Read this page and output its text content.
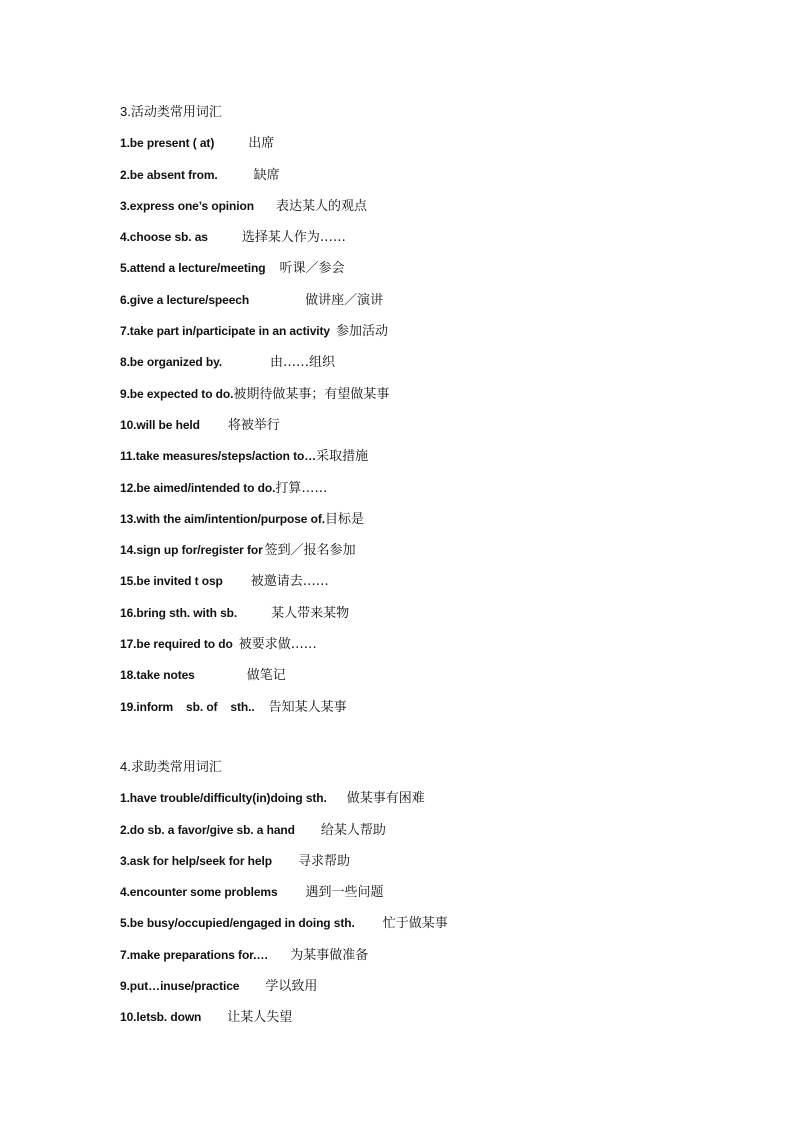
3.活动类常用词汇
1.be present ( at)	出席
2.be absent from.	缺席
3.express one’s opinion 表达某人的观点
4.choose sb. as	选择某人作为……
5.attend a lecture/meeting 听课／参会
6.give a lecture/speech	做讲座／演讲
7.take part in/participate in an activity 参加活动
8.be organized by.	由……组织
9.be expected to do.被期待做某事；有望做某事
10.will be held 将被举行
11.take measures/steps/action to…采取措施
12.be aimed/intended to do.打算……
13.with the aim/intention/purpose of.目标是
14.sign up for/register for 签到／报名参加
15.be invited t osp 被邀请去……
16.bring sth. with sb.	某人带来某物
17.be required to do 被要求做……
18.take notes	做笔记
19.inform    sb. of    sth.. 告知某人某事
4.求助类常用词汇
1.have trouble/difficulty(in)doing sth. 做某事有困难
2.do sb. a favor/give sb. a hand 给某人帮助
3.ask for help/seek for help 寻求帮助
4.encounter some problems 遇到一些问题
5.be busy/occupied/engaged in doing sth. 忙于做某事
7.make preparations for.… 为某事做准备
9.put…inuse/practice 学以致用
10.letsb. down 让某人失望
